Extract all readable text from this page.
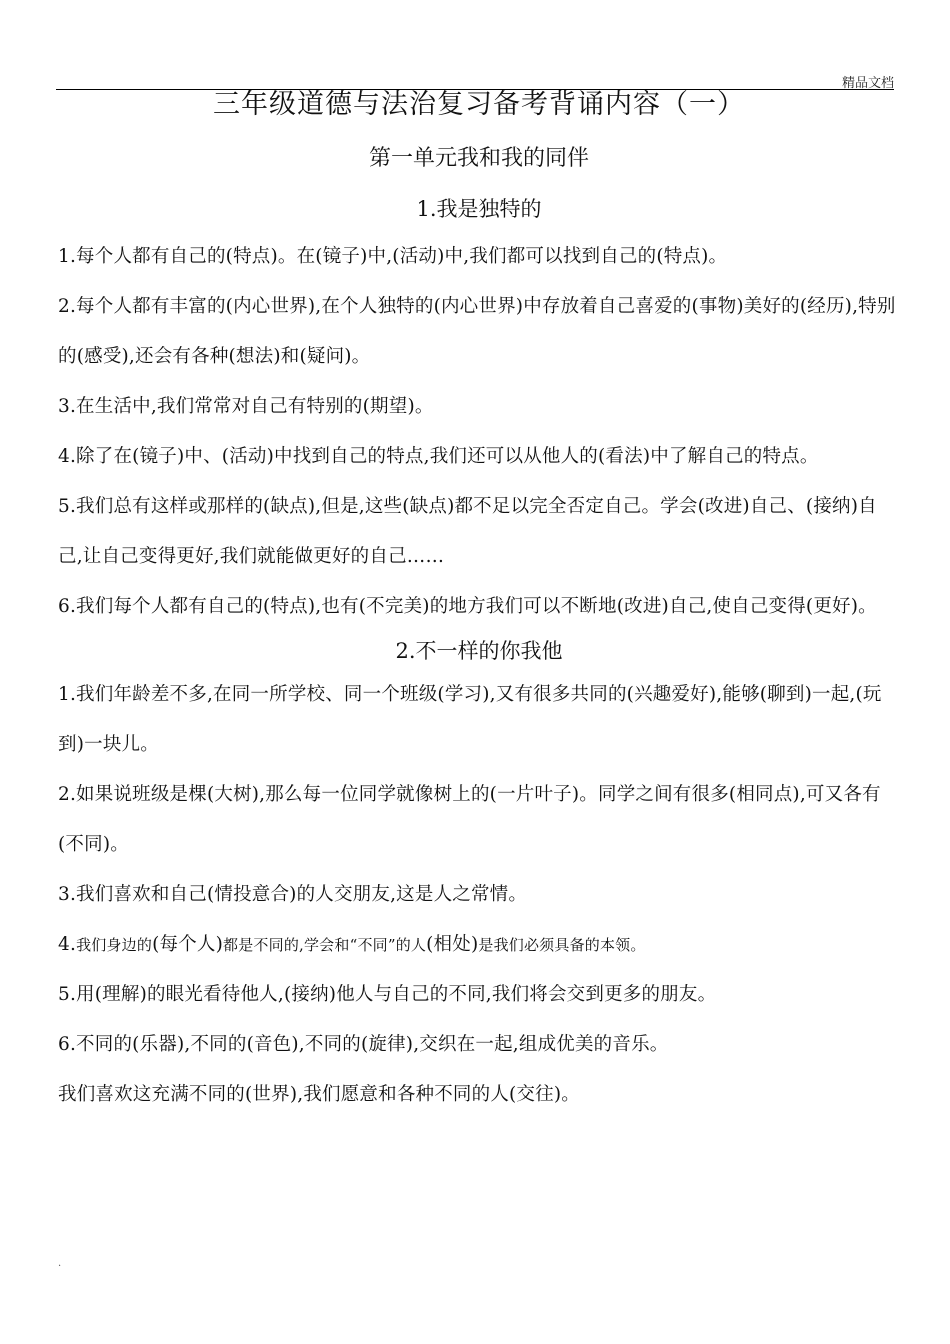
精品文档
三年级道德与法治复习备考背诵内容（一）
第一单元我和我的同伴
1.我是独特的

1.每个人都有自己的(特点)。在(镜子)中,(活动)中,我们都可以找到自己的(特点)。

2.每个人都有丰富的(内心世界),在个人独特的(内心世界)中存放着自己喜爱的(事物)美好的(经历),特别的(感受),还会有各种(想法)和(疑问)。

3.在生活中,我们常常对自己有特别的(期望)。

4.除了在(镜子)中、(活动)中找到自己的特点,我们还可以从他人的(看法)中了解自己的特点。

5.我们总有这样或那样的(缺点),但是,这些(缺点)都不足以完全否定自己。学会(改进)自己、(接纳)自己,让自己变得更好,我们就能做更好的自己……

6.我们每个人都有自己的(特点),也有(不完美)的地方我们可以不断地(改进)自己,使自己变得(更好)。

2.不一样的你我他

1.我们年龄差不多,在同一所学校、同一个班级(学习),又有很多共同的(兴趣爱好),能够(聊到)一起,(玩到)一块儿。

2.如果说班级是棵(大树),那么每一位同学就像树上的(一片叶子)。同学之间有很多(相同点),可又各有(不同)。

3.我们喜欢和自己(情投意合)的人交朋友,这是人之常情。

4.我们身边的(每个人)都是不同的,学会和“不同”的人(相处)是我们必须具备的本领。

5.用(理解)的眼光看待他人,(接纳)他人与自己的不同,我们将会交到更多的朋友。

6.不同的(乐器),不同的(音色),不同的(旋律),交织在一起,组成优美的音乐。

我们喜欢这充满不同的(世界),我们愿意和各种不同的人(交往)。

.
